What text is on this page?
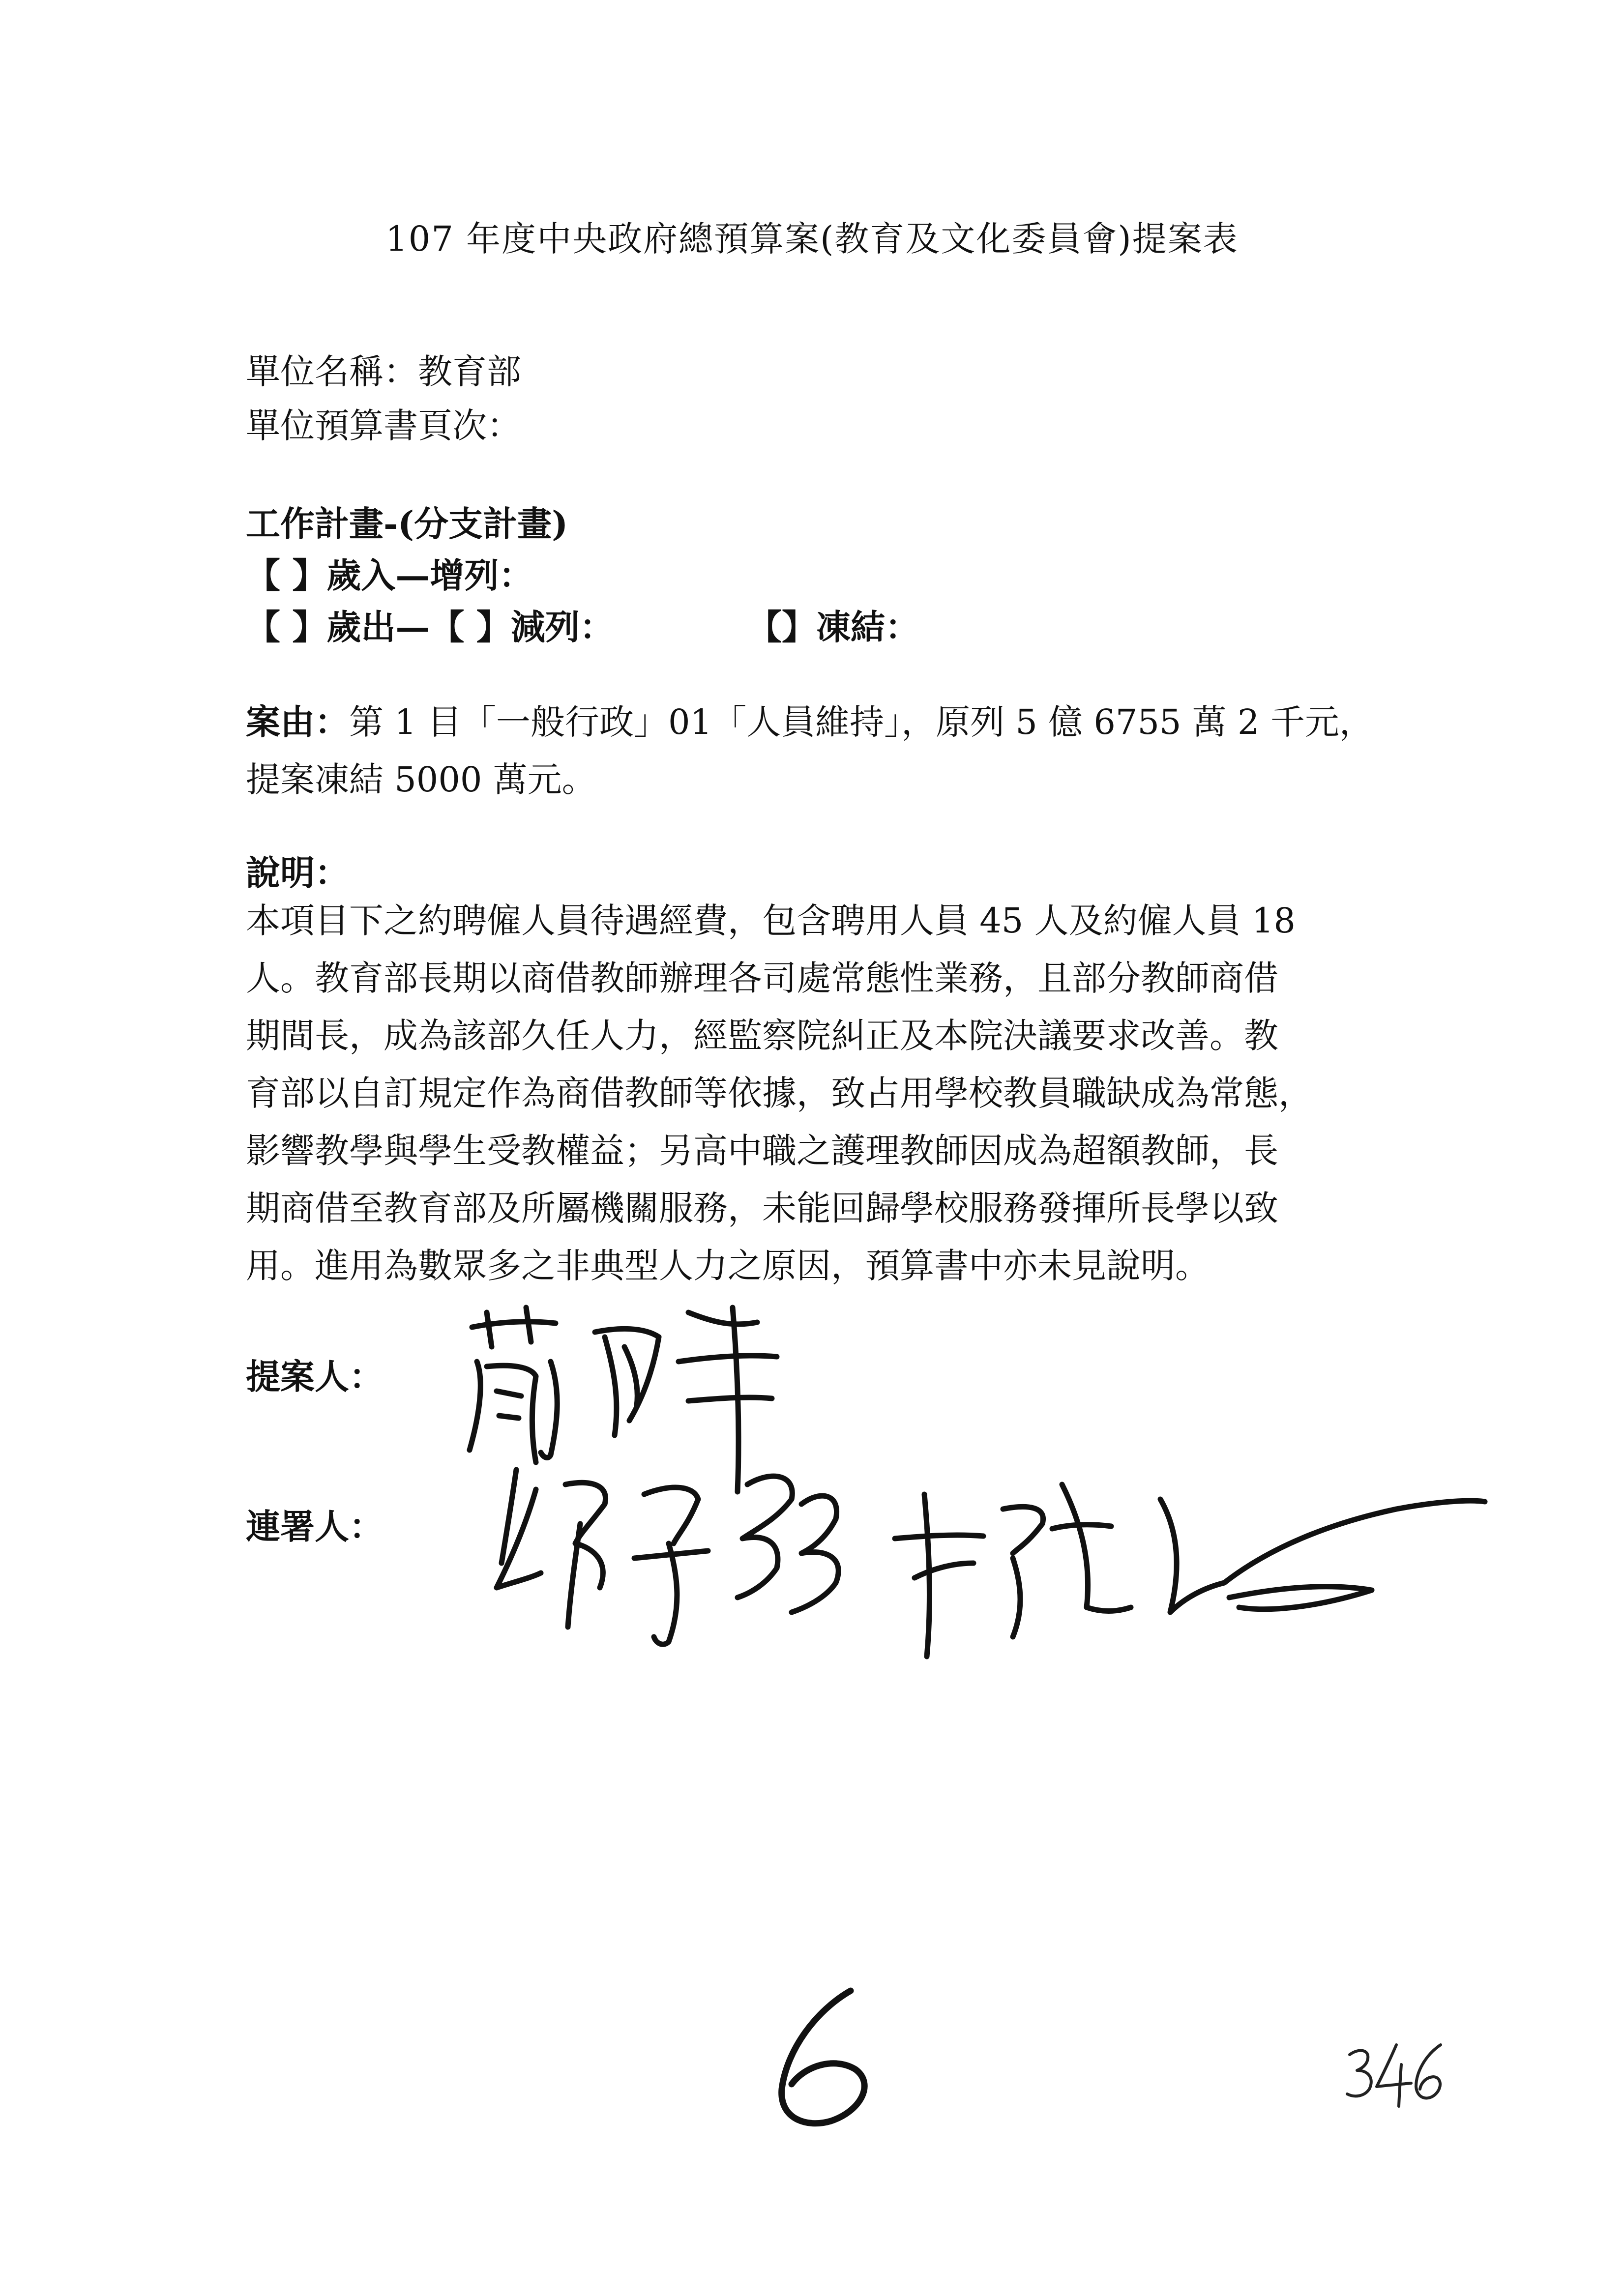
107 年度中央政府總預算案(教育及文化委員會)提案表
單位名稱：教育部
單位預算書頁次：
工作計畫-(分支計畫)
【 】歲入—增列：
【 】歲出—【 】減列：	【】凍結：

案由：第 1 目「一般行政」01「人員維持」，原列 5 億 6755 萬 2 千元，

提案凍結 5000 萬元。

說明：

本項目下之約聘僱人員待遇經費，包含聘用人員 45 人及約僱人員 18

人。教育部長期以商借教師辦理各司處常態性業務，且部分教師商借

期間長，成為該部久任人力，經監察院糾正及本院決議要求改善。教

育部以自訂規定作為商借教師等依據，致占用學校教員職缺成為常態，

影響教學與學生受教權益；另高中職之護理教師因成為超額教師，長

期商借至教育部及所屬機關服務，未能回歸學校服務發揮所長學以致

用。進用為數眾多之非典型人力之原因，預算書中亦未見說明。

提案人：
連署人：
